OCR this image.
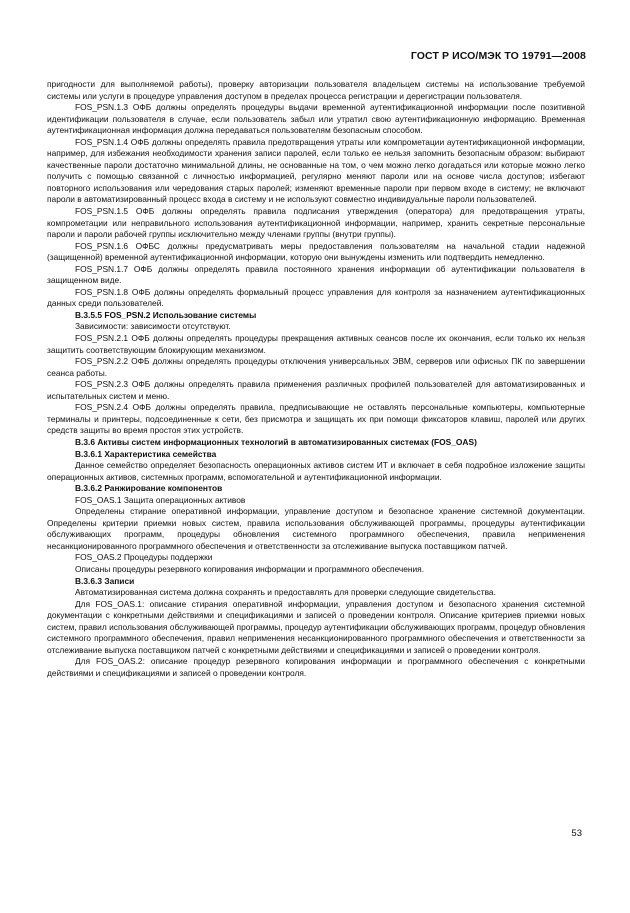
ГОСТ Р ИСО/МЭК ТО 19791—2008

пригодности для выполняемой работы), проверку авторизации пользователя владельцем системы на использование требуемой системы или услуги в процедуре управления доступом в пределах процесса регистрации и дерегистрации пользователя.

FOS_PSN.1.3 ОФБ должны определять процедуры выдачи временной аутентификационной информации после позитивной идентификации пользователя в случае, если пользователь забыл или утратил свою аутентификационную информацию. Временная аутентификационная информация должна передаваться пользователям безопасным способом.

FOS_PSN.1.4 ОФБ должны определять правила предотвращения утраты или компрометации аутентификационной информации, например, для избежания необходимости хранения записи паролей, если только ее нельзя запомнить безопасным образом: выбирают качественные пароли достаточно минимальной длины, не основанные на том, о чем можно легко догадаться или которые можно легко получить с помощью связанной с личностью информацией, регулярно меняют пароли или на основе числа доступов; избегают повторного использования или чередования старых паролей; изменяют временные пароли при первом входе в систему; не включают пароли в автоматизированный процесс входа в систему и не используют совместно индивидуальные пароли пользователей.

FOS_PSN.1.5 ОФБ должны определять правила подписания утверждения (оператора) для предотвращения утраты, компрометации или неправильного использования аутентификационной информации, например, хранить секретные персональные пароли и пароли рабочей группы исключительно между членами группы (внутри группы).

FOS_PSN.1.6 ОФБС должны предусматривать меры предоставления пользователям на начальной стадии надежной (защищенной) временной аутентификационной информации, которую они вынуждены изменить или подтвердить немедленно.

FOS_PSN.1.7 ОФБ должны определять правила постоянного хранения информации об аутентификации пользователя в защищенном виде.

FOS_PSN.1.8 ОФБ должны определять формальный процесс управления для контроля за назначением аутентификационных данных среди пользователей.

В.3.5.5 FOS_PSN.2 Использование системы

Зависимости: зависимости отсутствуют.

FOS_PSN.2.1 ОФБ должны определять процедуры прекращения активных сеансов после их окончания, если только их нельзя защитить соответствующим блокирующим механизмом.

FOS_PSN.2.2 ОФБ должны определять процедуры отключения универсальных ЭВМ, серверов или офисных ПК по завершении сеанса работы.

FOS_PSN.2.3 ОФБ должны определять правила применения различных профилей пользователей для автоматизированных и испытательных систем и меню.

FOS_PSN.2.4 ОФБ должны определять правила, предписывающие не оставлять персональные компьютеры, компьютерные терминалы и принтеры, подсоединенные к сети, без присмотра и защищать их при помощи фиксаторов клавиш, паролей или других средств защиты во время простоя этих устройств.

В.3.6 Активы систем информационных технологий в автоматизированных системах (FOS_OAS)

В.3.6.1 Характеристика семейства

Данное семейство определяет безопасность операционных активов систем ИТ и включает в себя подробное изложение защиты операционных активов, системных программ, вспомогательной и аутентификационной информации.

В.3.6.2 Ранжирование компонентов

FOS_OAS.1 Защита операционных активов

Определены стирание оперативной информации, управление доступом и безопасное хранение системной документации. Определены критерии приемки новых систем, правила использования обслуживающей программы, процедуры аутентификации обслуживающих программ, процедуры обновления системного программного обеспечения, правила неприменения несанкционированного программного обеспечения и ответственности за отслеживание выпуска поставщиком патчей.

FOS_OAS.2 Процедуры поддержки

Описаны процедуры резервного копирования информации и программного обеспечения.

В.3.6.3 Записи

Автоматизированная система должна сохранять и предоставлять для проверки следующие свидетельства.

Для FOS_OAS.1: описание стирания оперативной информации, управления доступом и безопасного хранения системной документации с конкретными действиями и спецификациями и записей о проведении контроля. Описание критериев приемки новых систем, правил использования обслуживающей программы, процедур аутентификации обслуживающих программ, процедур обновления системного программного обеспечения, правил неприменения несанкционированного программного обеспечения и ответственности за отслеживание выпуска поставщиком патчей с конкретными действиями и спецификациями и записей о проведении контроля.

Для FOS_OAS.2: описание процедур резервного копирования информации и программного обеспечения с конкретными действиями и спецификациями и записей о проведении контроля.

53
